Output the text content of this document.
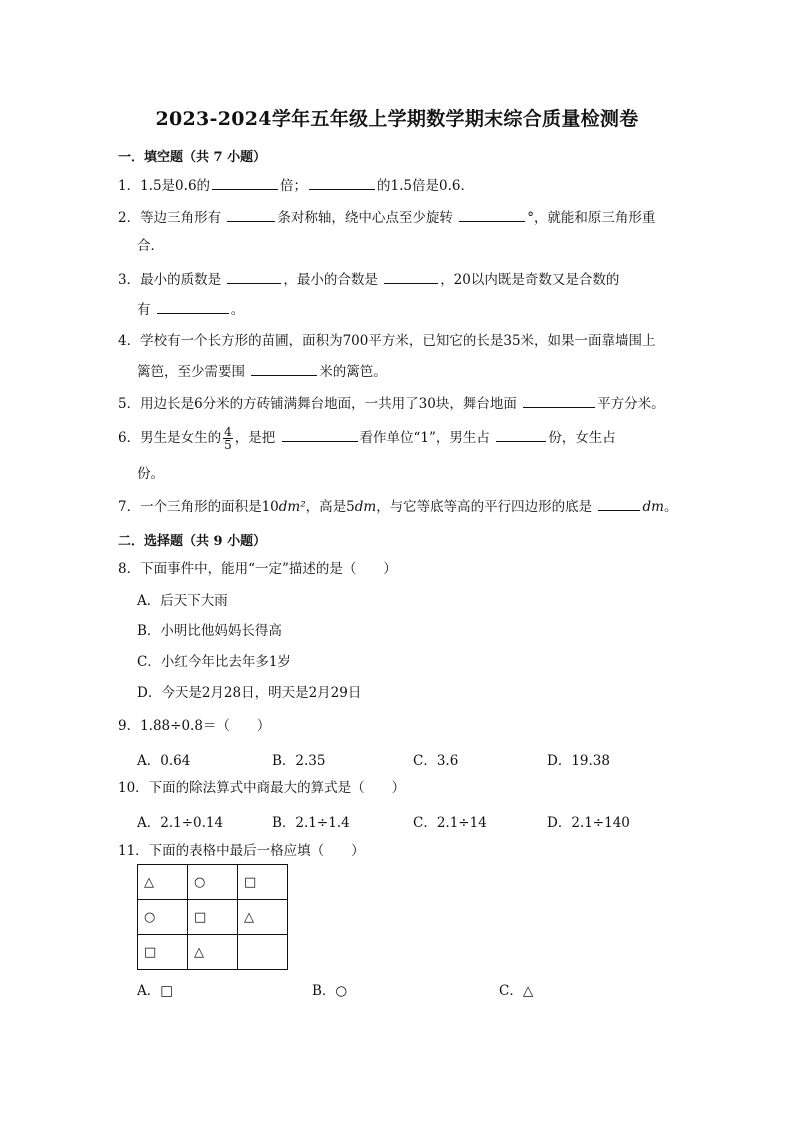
2023-2024学年五年级上学期数学期末综合质量检测卷
一．填空题（共 7 小题）
1．1.5是0.6的	倍；	的1.5倍是0.6．
2．等边三角形有	条对称轴，绕中心点至少旋转	°，就能和原三角形重
合．
3．最小的质数是	，最小的合数是	，20以内既是奇数又是合数的
有	。
4．学校有一个长方形的苗圃，面积为700平方米，已知它的长是35米，如果一面靠墙围上
篱笆，至少需要围	米的篱笆。
5．用边长是6分米的方砖铺满舞台地面，一共用了30块，舞台地面	平方分米。
6．男生是女生的 $\frac{4}{5}$ ，是把	看作单位“1”，男生占	份，女生占
份。
7．一个三角形的面积是10dm²，高是5dm，与它等底等高的平行四边形的底是	dm。
二．选择题（共 9 小题）
8．下面事件中，能用“一定”描述的是（　　）
A．后天下大雨
B．小明比他妈妈长得高
C．小红今年比去年多1岁
D．今天是2月28日，明天是2月29日
9．1.88÷0.8＝（　　）
A．0.64	B．2.35	C．3.6	D．19.38
10．下面的除法算式中商最大的算式是（　　）
A．2.1÷0.14	B．2.1÷1.4	C．2.1÷14	D．2.1÷140
11．下面的表格中最后一格应填（　　）
△	○	□
○	□	△
□	△	
A．□	B．○	C．△
